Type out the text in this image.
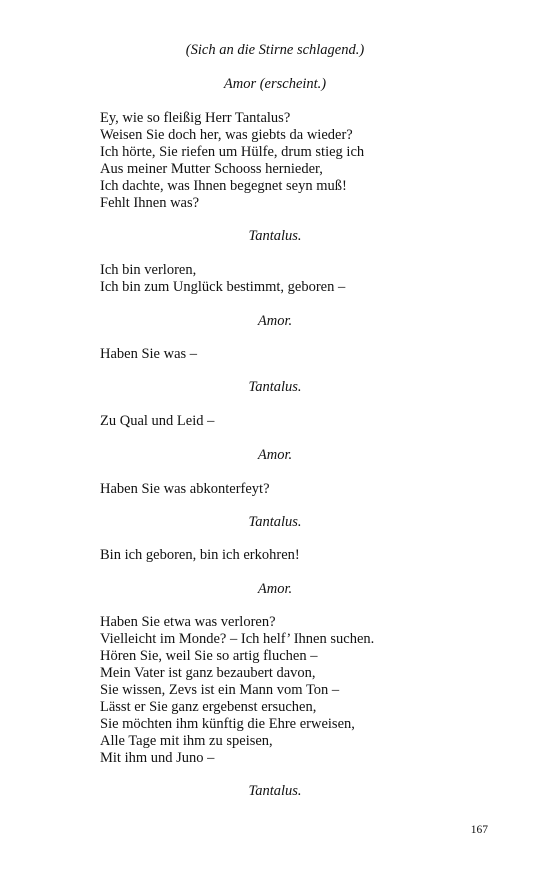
(Sich an die Stirne schlagend.)
Amor (erscheint.)
Ey, wie so fleißig Herr Tantalus?
Weisen Sie doch her, was giebts da wieder?
Ich hörte, Sie riefen um Hülfe, drum stieg ich
Aus meiner Mutter Schooss hernieder,
Ich dachte, was Ihnen begegnet seyn muß!
Fehlt Ihnen was?
Tantalus.
Ich bin verloren,
Ich bin zum Unglück bestimmt, geboren –
Amor.
Haben Sie was –
Tantalus.
Zu Qual und Leid –
Amor.
Haben Sie was abkonterfeyt?
Tantalus.
Bin ich geboren, bin ich erkohren!
Amor.
Haben Sie etwa was verloren?
Vielleicht im Monde? – Ich helf’ Ihnen suchen.
Hören Sie, weil Sie so artig fluchen –
Mein Vater ist ganz bezaubert davon,
Sie wissen, Zevs ist ein Mann vom Ton –
Lässt er Sie ganz ergebenst ersuchen,
Sie möchten ihm künftig die Ehre erweisen,
Alle Tage mit ihm zu speisen,
Mit ihm und Juno –
Tantalus.
167
